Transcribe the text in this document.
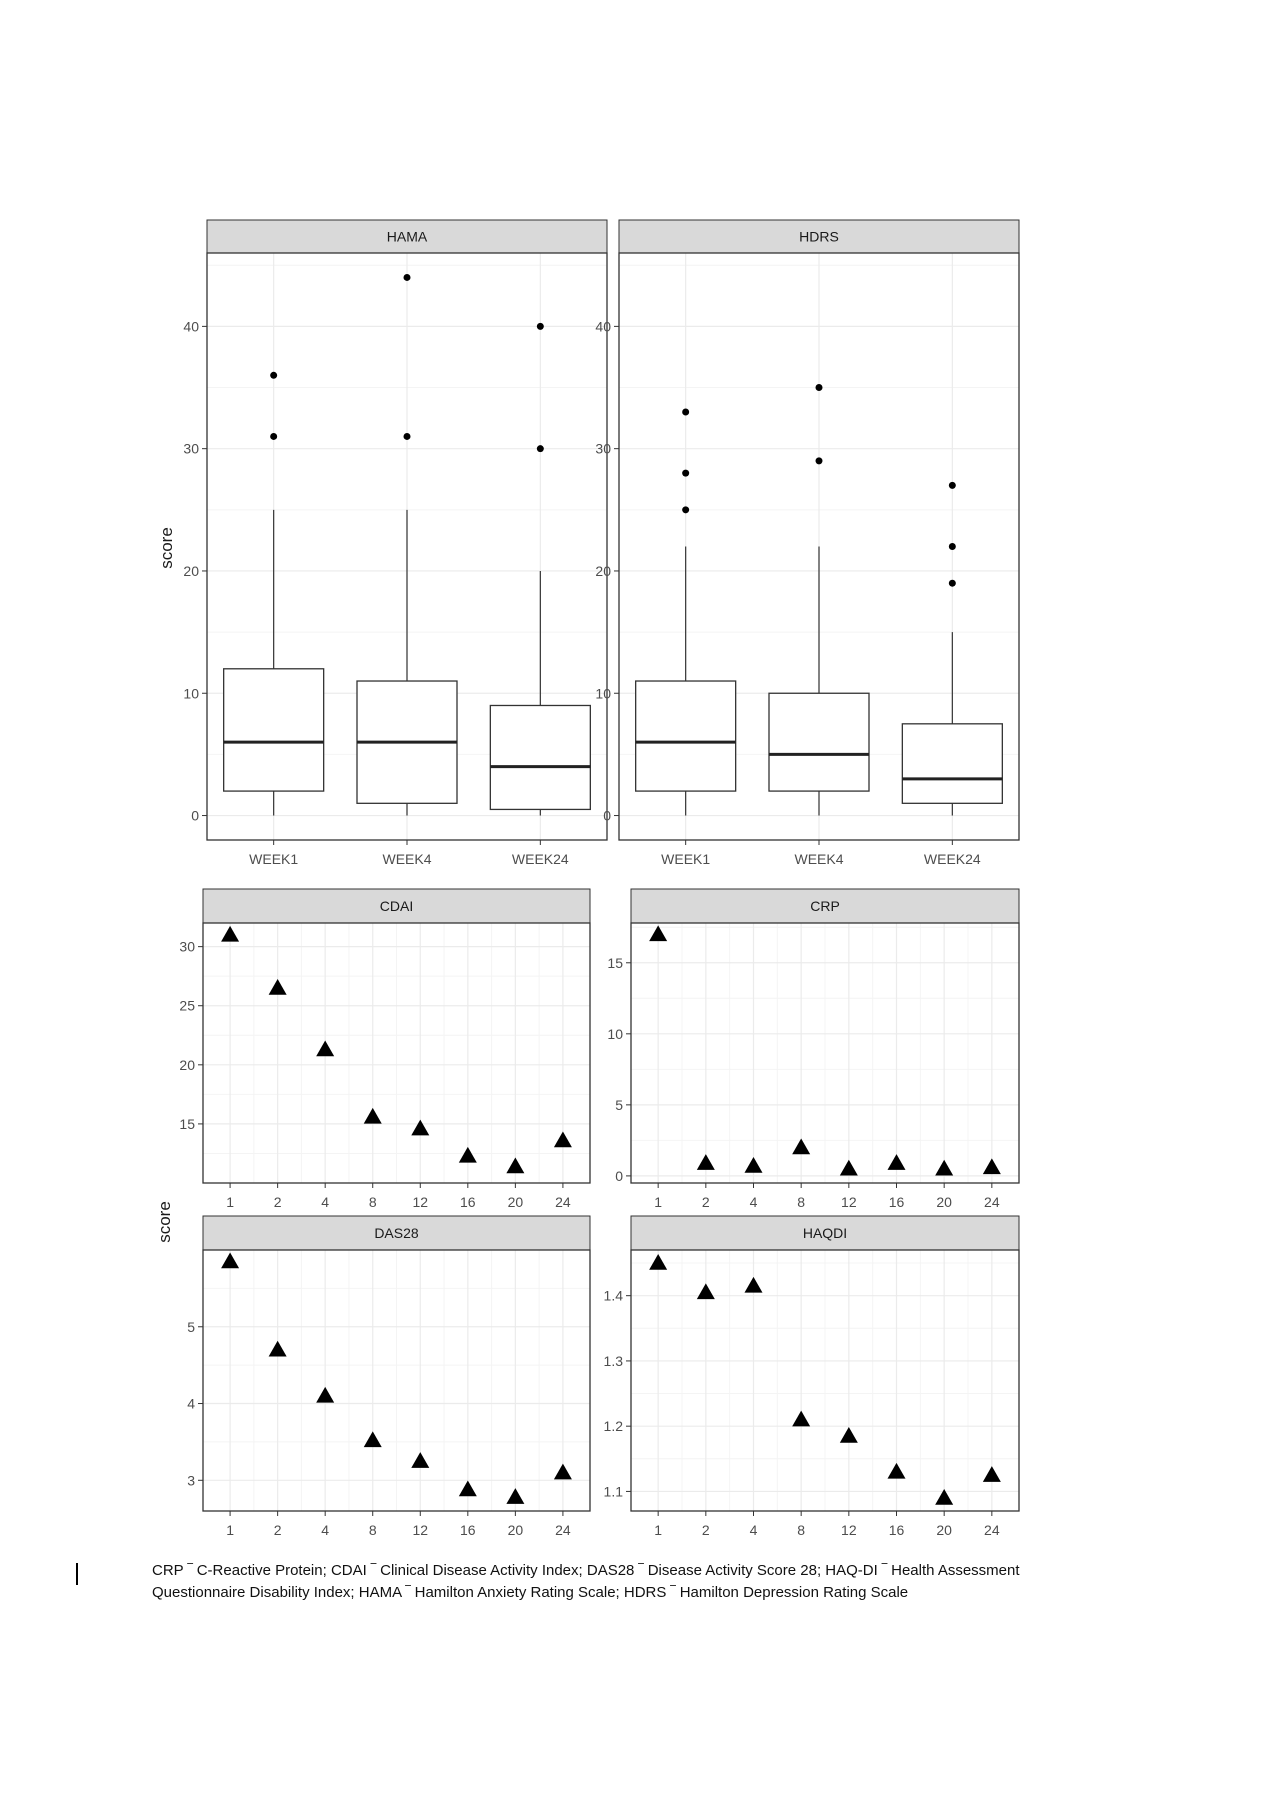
HAMA
0
10
20
30
40
WEEK1	WEEK4	WEEK24
HDRS
0
10
20
30
40
WEEK1	WEEK4	WEEK24
CDAI
15
20
25
30
1	2	4	8	12 16 20 24
CRP
0
5
10
15
1	2	4	8	12 16 20 24
DAS28
3
4
5
1	2	4	8	12 16 20 24
HAQDI
1.1
1.2
1.3
1.4
1	2	4	8	12 16 20 24
score
score
CRP ‾ C-Reactive Protein; CDAI ‾ Clinical Disease Activity Index; DAS28 ‾ Disease Activity Score 28; HAQ-DI ‾ Health Assessment
Questionnaire Disability Index; HAMA ‾ Hamilton Anxiety Rating Scale; HDRS ‾ Hamilton Depression Rating Scale
